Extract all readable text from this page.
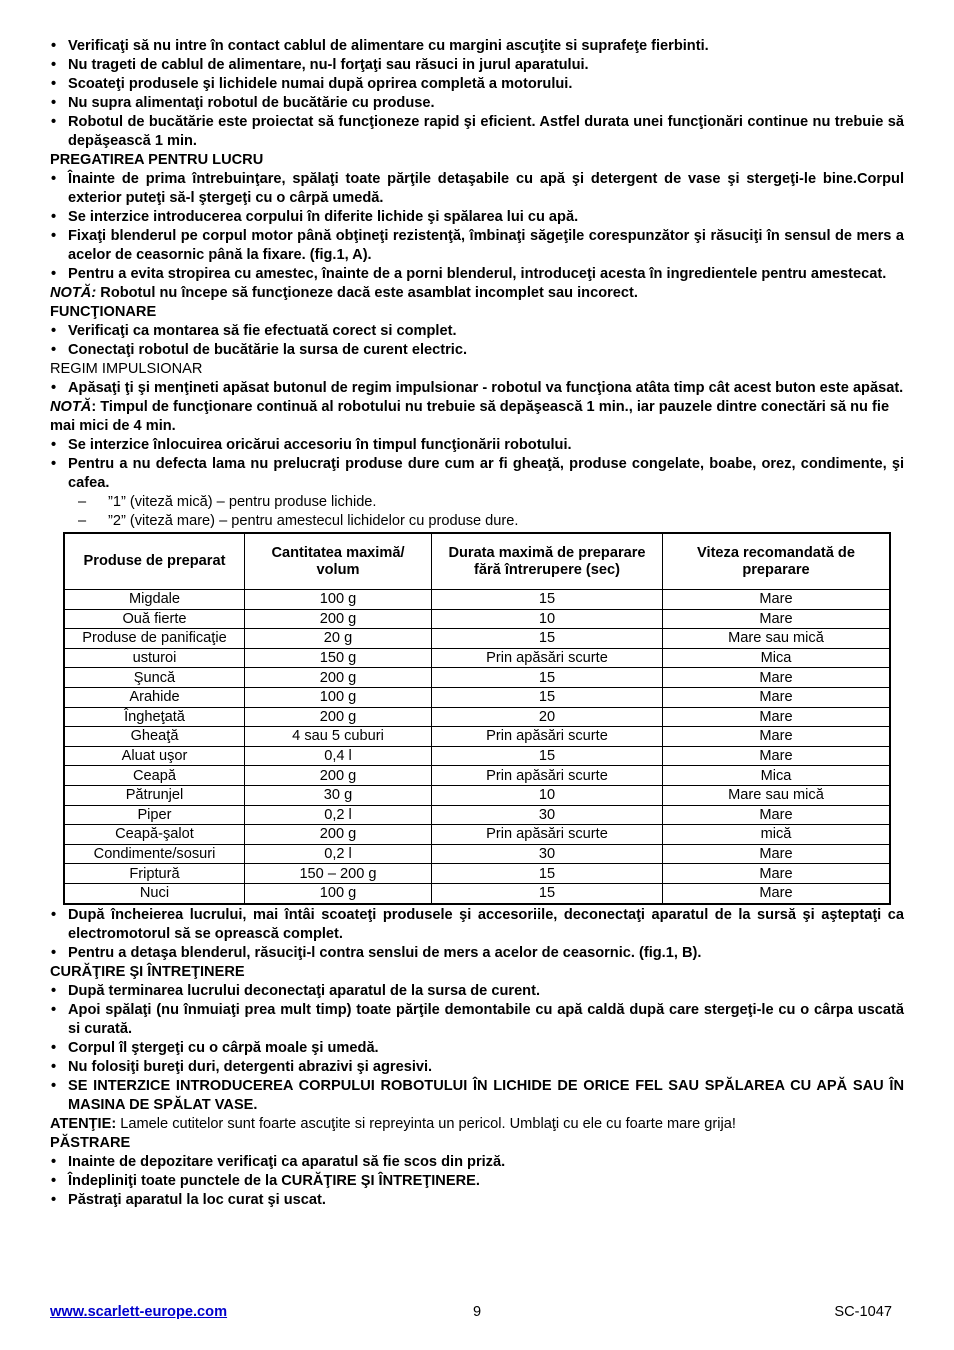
• Verificaţi să nu intre în contact cablul de alimentare cu margini ascuţite si suprafeţe fierbinti.
• Nu trageti de cablul de alimentare, nu-l forţaţi sau răsuci in jurul aparatului.
• Scoateţi produsele şi lichidele numai după oprirea completă a motorului.
• Nu supra alimentaţi robotul de bucătărie cu produse.
• Robotul de bucătărie este proiectat să funcţioneze rapid şi eficient. Astfel durata unei funcţionări continue nu trebuie să depăşească 1 min.
PREGATIREA PENTRU LUCRU
• Înainte de prima întrebuinţare, spălaţi toate părţile detaşabile cu apă şi detergent de vase şi stergeţi-le bine.Corpul exterior puteţi să-l ştergeţi cu o cârpă umedă.
• Se interzice introducerea corpului în diferite lichide şi spălarea lui cu apă.
• Fixaţi blenderul pe corpul motor până obţineţi rezistenţă, îmbinaţi săgeţile corespunzător şi răsuciţi în sensul de mers a acelor de ceasornic până la fixare. (fig.1, A).
• Pentru a evita stropirea cu amestec, înainte de a porni blenderul, introduceţi acesta în ingredientele pentru amestecat.
NOTĂ: Robotul nu începe să funcţioneze dacă este asamblat incomplet sau incorect.
FUNCŢIONARE
• Verificaţi ca montarea să fie efectuată corect si complet.
• Conectaţi robotul de bucătărie la sursa de curent electric.
REGIM IMPULSIONAR
• Apăsaţi ţi şi menţineti apăsat butonul de regim impulsionar - robotul va funcţiona atâta timp cât acest buton este apăsat.
NOTĂ: Timpul de funcţionare continuă al robotului nu trebuie să depăşească 1 min., iar pauzele dintre conectări să nu fie mai mici de 4 min.
• Se interzice înlocuirea oricărui accesoriu în timpul funcţionării robotului.
• Pentru a nu defecta lama nu prelucraţi produse dure cum ar fi gheaţă, produse congelate, boabe, orez, condimente, şi cafea.
– ”1” (viteză mică) – pentru produse lichide.
– ”2” (viteză mare) – pentru amestecul lichidelor cu produse dure.
Produse de preparat	Cantitatea maximă/ volum	Durata maximă de preparare fără întrerupere (sec)	Viteza recomandată de preparare
Migdale	100 g	15	Mare
Ouă fierte	200 g	10	Mare
Produse de panificaţie	20 g	15	Mare sau mică
usturoi	150 g	Prin apăsări scurte	Mica
Şuncă	200 g	15	Mare
Arahide	100 g	15	Mare
Îngheţată	200 g	20	Mare
Gheaţă	4 sau 5 cuburi	Prin apăsări scurte	Mare
Aluat uşor	0,4 l	15	Mare
Ceapă	200 g	Prin apăsări scurte	Mica
Pătrunjel	30 g	10	Mare sau mică
Piper	0,2 l	30	Mare
Ceapă-şalot	200 g	Prin apăsări scurte	mică
Condimente/sosuri	0,2 l	30	Mare
Friptură	150 – 200 g	15	Mare
Nuci	100 g	15	Mare
• După încheierea lucrului, mai întâi scoateţi produsele şi accesoriile, deconectaţi aparatul de la sursă şi aşteptaţi ca electromotorul să se oprească complet.
• Pentru a detaşa blenderul, răsuciţi-l contra senslui de mers a acelor de ceasornic. (fig.1, B).
CURĂŢIRE ŞI ÎNTREŢINERE
• După terminarea lucrului deconectaţi aparatul de la sursa de curent.
• Apoi spălaţi (nu înmuiaţi prea mult timp) toate părţile demontabile cu apă caldă după care stergeţi-le cu o cârpa uscată si curată.
• Corpul îl ştergeţi cu o cârpă moale şi umedă.
• Nu folosiţi bureţi duri, detergenti abrazivi şi agresivi.
• SE INTERZICE INTRODUCEREA CORPULUI ROBOTULUI ÎN LICHIDE DE ORICE FEL SAU SPĂLAREA CU APĂ SAU ÎN MASINA DE SPĂLAT VASE.
ATENŢIE: Lamele cutitelor sunt foarte ascuţite si repreyinta un pericol. Umblaţi cu ele cu foarte mare grija!
PĂSTRARE
• Inainte de depozitare verificaţi ca aparatul să fie scos din priză.
• Îndepliniţi toate punctele de la CURĂŢIRE ŞI ÎNTREŢINERE.
• Păstraţi aparatul la loc curat şi uscat.
www.scarlett-europe.com	9	SC-1047
